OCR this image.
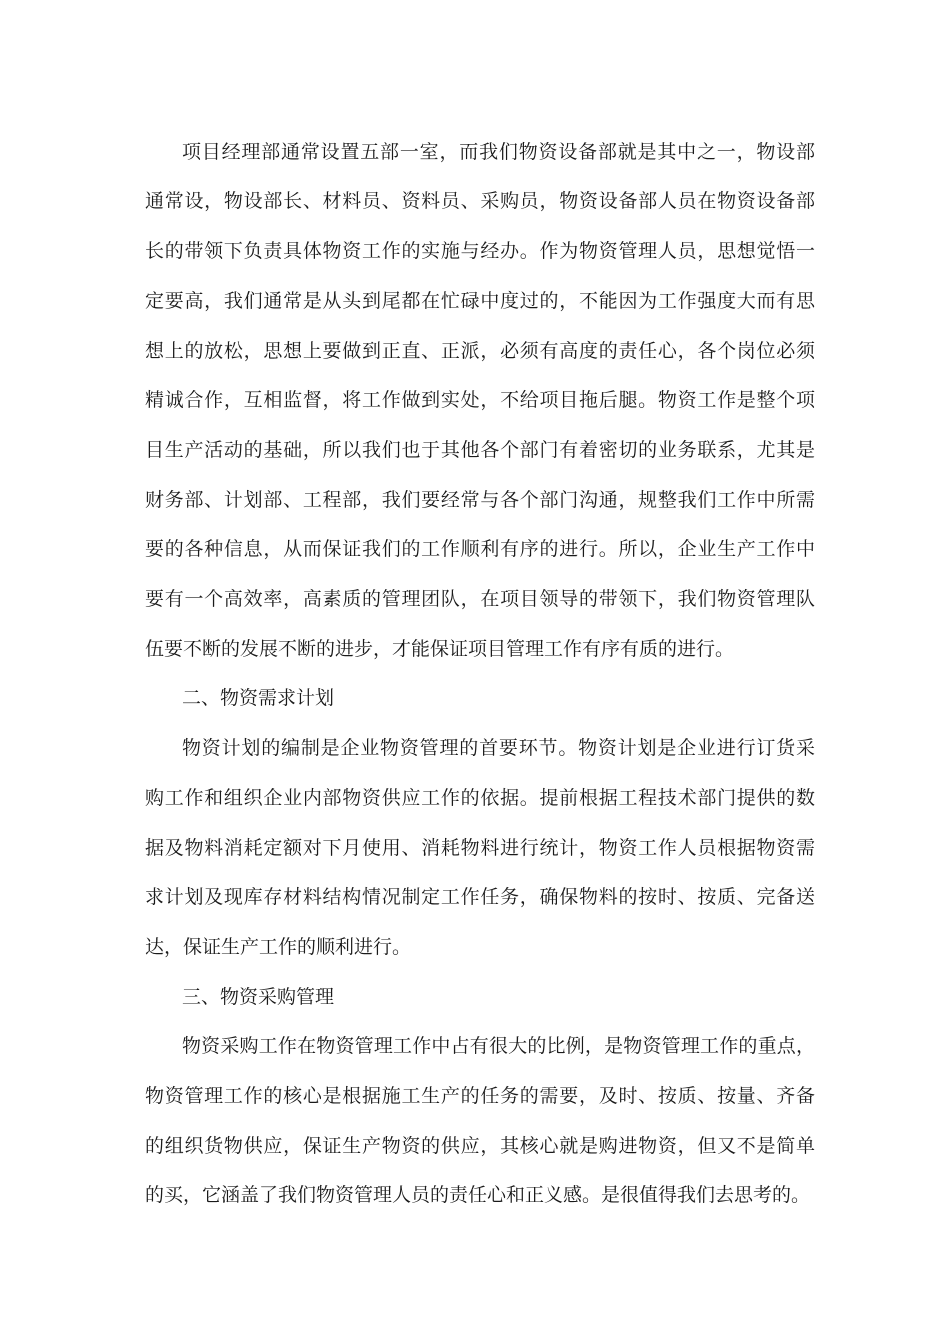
项目经理部通常设置五部一室，而我们物资设备部就是其中之一，物设部
通常设，物设部长、材料员、资料员、采购员，物资设备部人员在物资设备部
长的带领下负责具体物资工作的实施与经办。作为物资管理人员，思想觉悟一
定要高，我们通常是从头到尾都在忙碌中度过的，不能因为工作强度大而有思
想上的放松，思想上要做到正直、正派，必须有高度的责任心，各个岗位必须
精诚合作，互相监督，将工作做到实处，不给项目拖后腿。物资工作是整个项
目生产活动的基础，所以我们也于其他各个部门有着密切的业务联系，尤其是
财务部、计划部、工程部，我们要经常与各个部门沟通，规整我们工作中所需
要的各种信息，从而保证我们的工作顺利有序的进行。所以，企业生产工作中
要有一个高效率，高素质的管理团队，在项目领导的带领下，我们物资管理队
伍要不断的发展不断的进步，才能保证项目管理工作有序有质的进行。
二、物资需求计划
物资计划的编制是企业物资管理的首要环节。物资计划是企业进行订货采
购工作和组织企业内部物资供应工作的依据。提前根据工程技术部门提供的数
据及物料消耗定额对下月使用、消耗物料进行统计，物资工作人员根据物资需
求计划及现库存材料结构情况制定工作任务，确保物料的按时、按质、完备送
达，保证生产工作的顺利进行。
三、物资采购管理
物资采购工作在物资管理工作中占有很大的比例，是物资管理工作的重点，
物资管理工作的核心是根据施工生产的任务的需要，及时、按质、按量、齐备
的组织货物供应，保证生产物资的供应，其核心就是购进物资，但又不是简单
的买，它涵盖了我们物资管理人员的责任心和正义感。是很值得我们去思考的。
